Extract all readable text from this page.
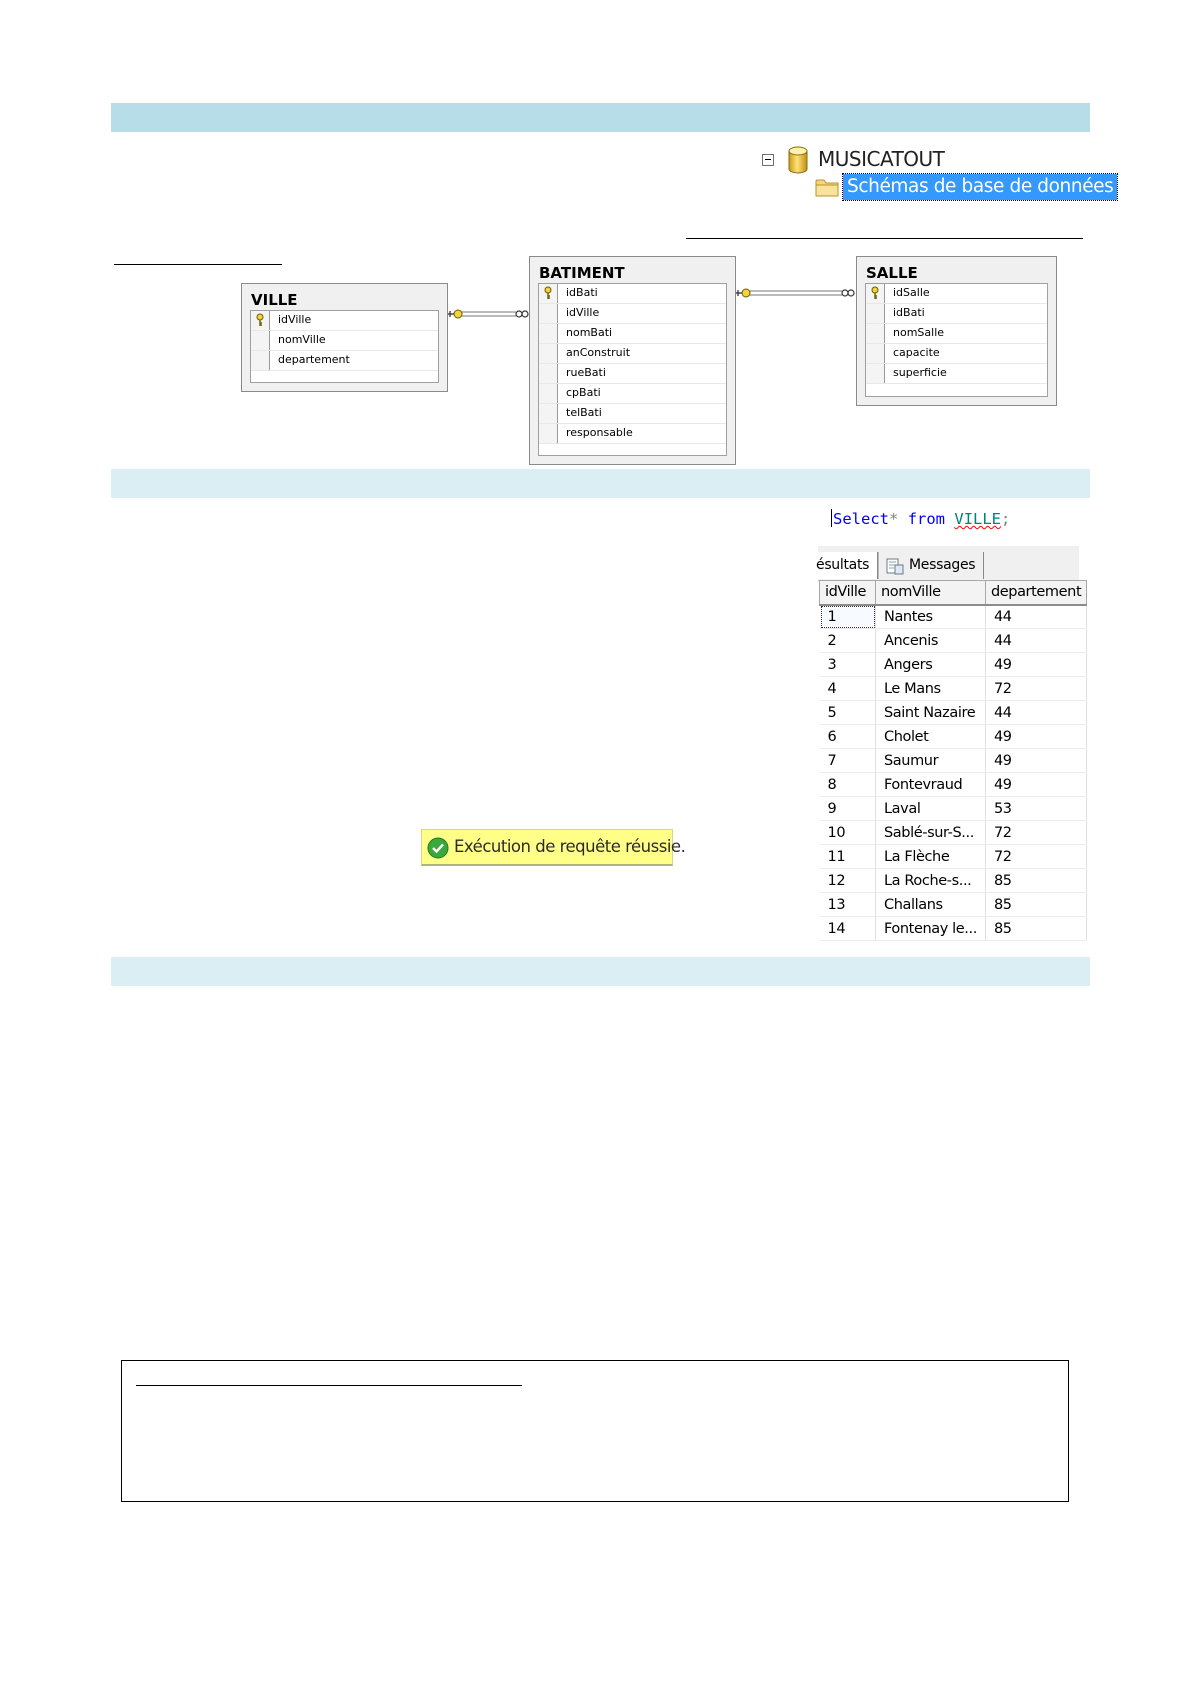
MUSICATOUT
Schémas de base de données
VILLE
idVille
nomVille
departement
BATIMENT
idBati
idVille
nomBati
anConstruit
rueBati
cpBati
telBati
responsable
SALLE
idSalle
idBati
nomSalle
capacite
superficie
Select* from VILLE;
ésultats	Messages
idVille	nomVille	departement
1	Nantes	44
2	Ancenis	44
3	Angers	49
4	Le Mans	72
5	Saint Nazaire	44
6	Cholet	49
7	Saumur	49
8	Fontevraud	49
9	Laval	53
10	Sablé-sur-S...	72
11	La Flèche	72
12	La Roche-s...	85
13	Challans	85
14	Fontenay le...	85
Exécution de requête réussie.
